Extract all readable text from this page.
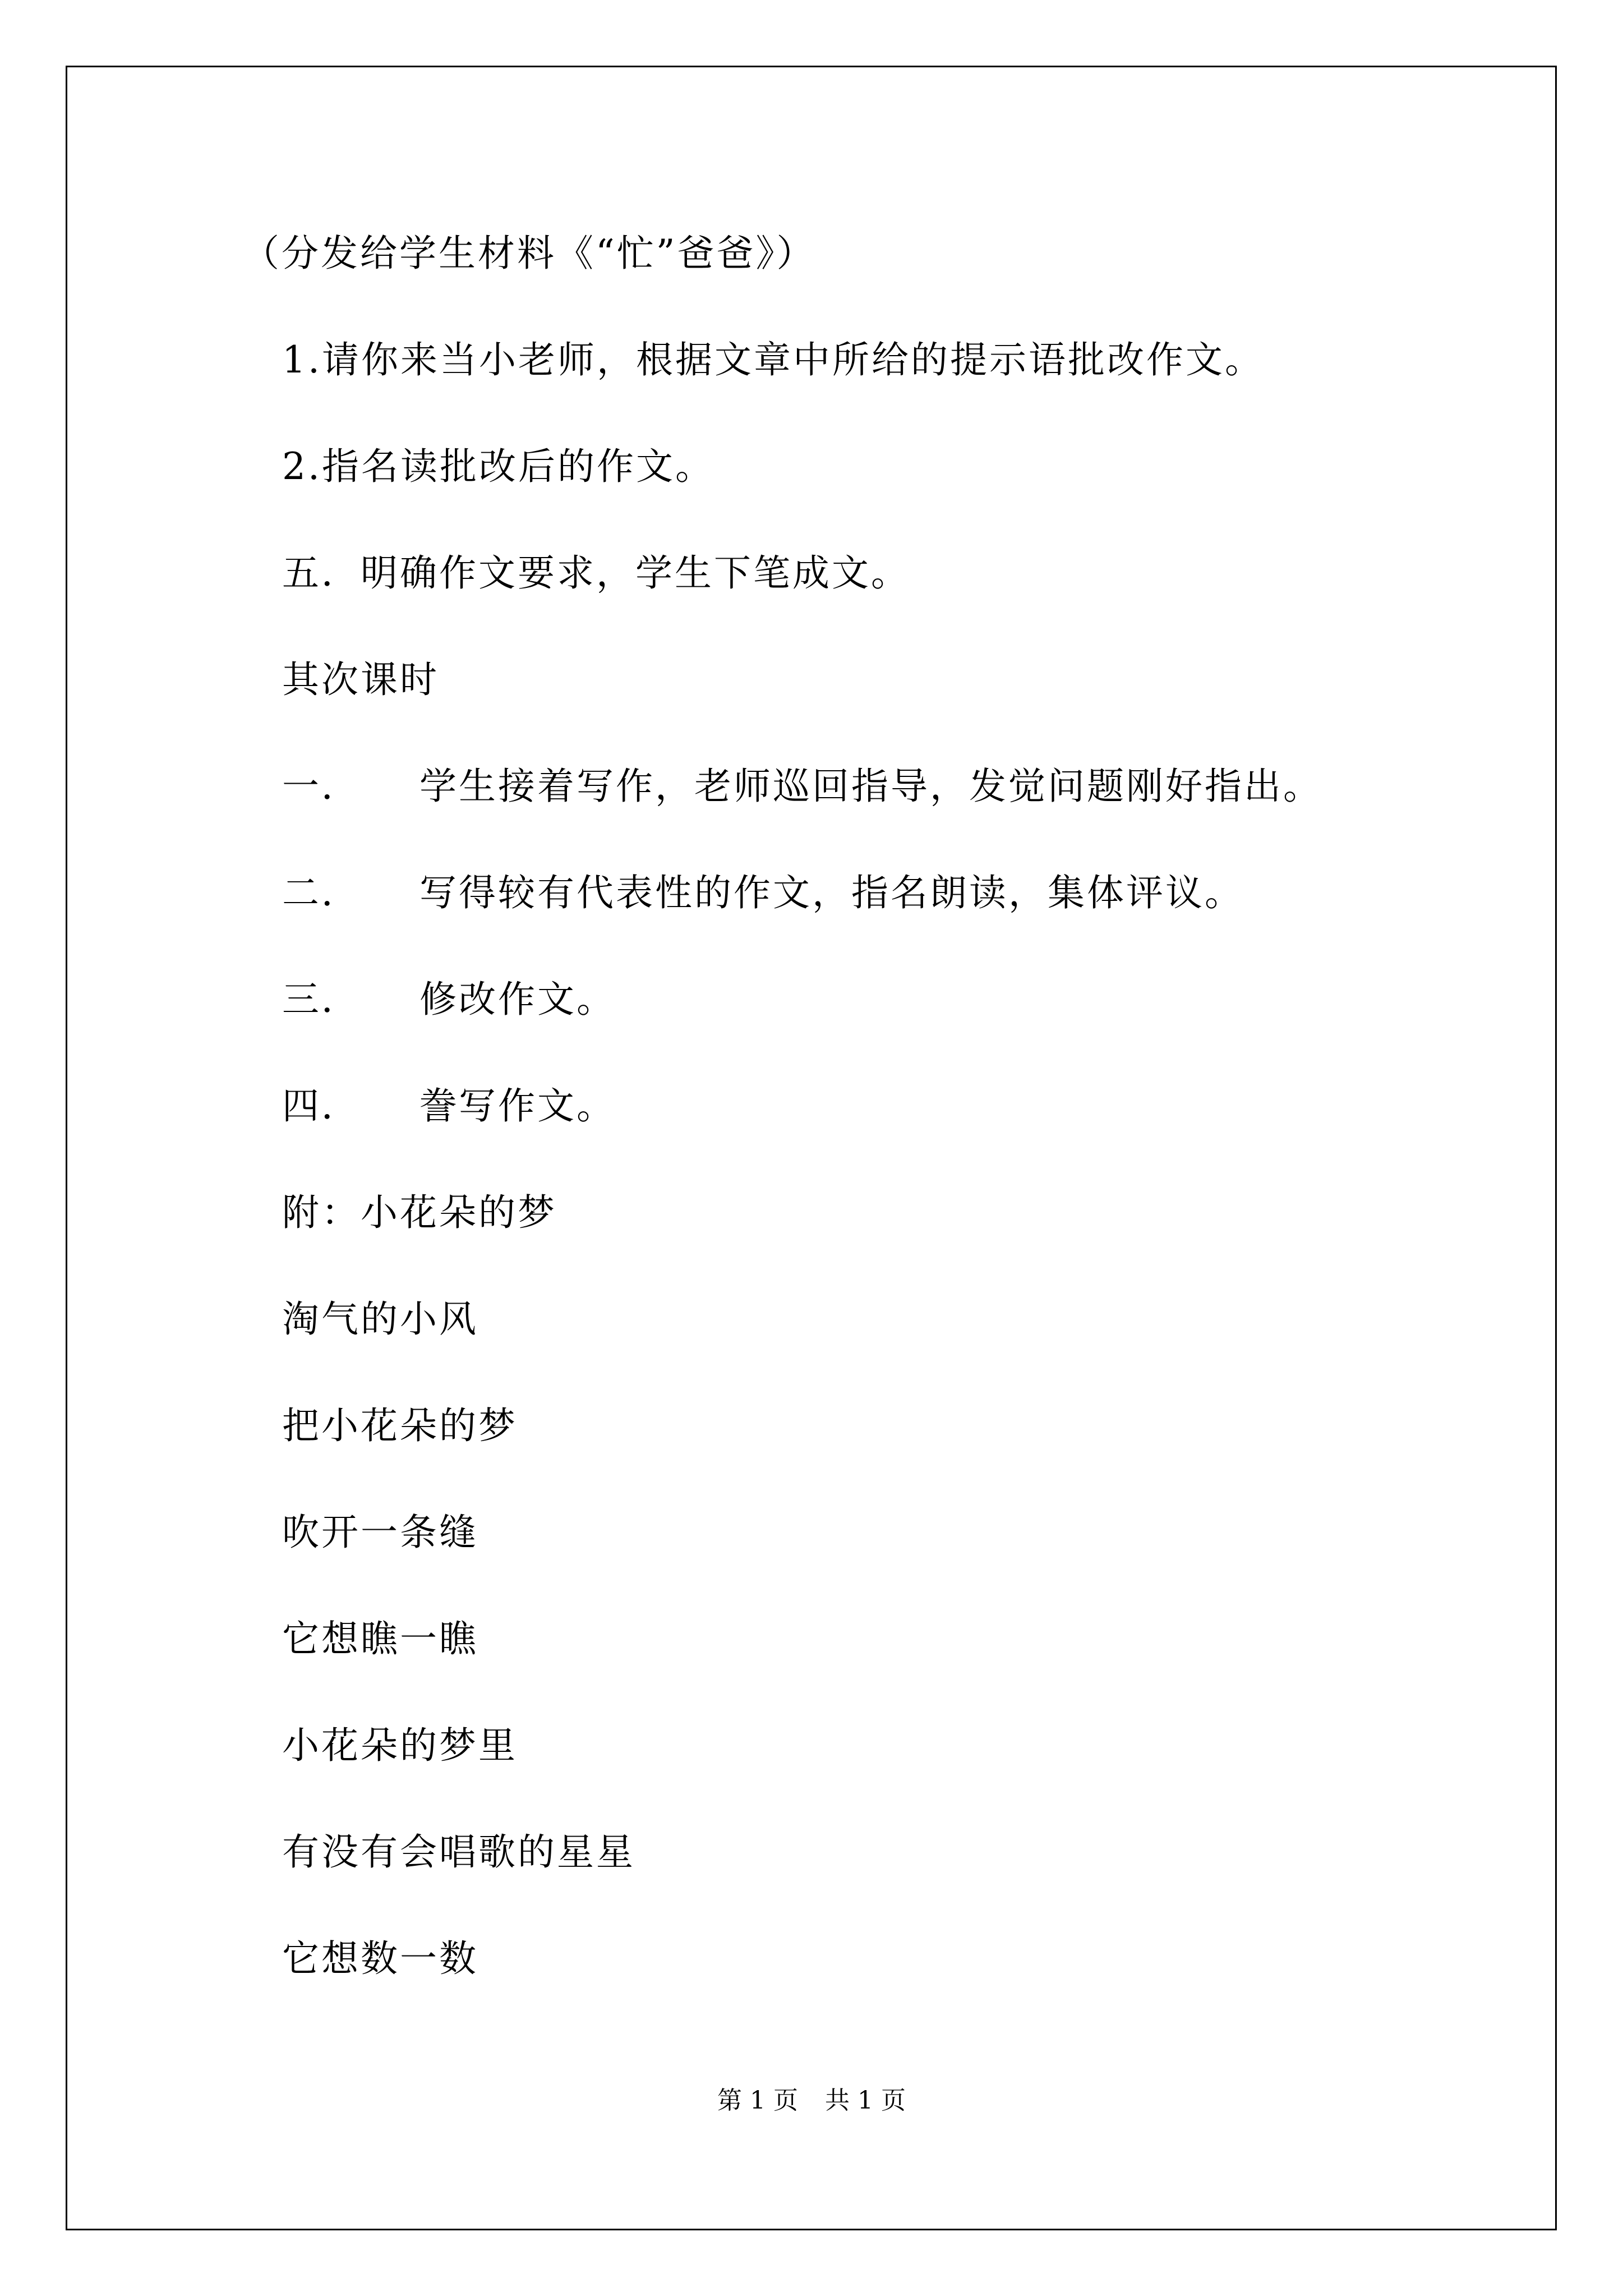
（分发给学生材料《“忙”爸爸》）

1.请你来当小老师，根据文章中所给的提示语批改作文。

2.指名读批改后的作文。

五．明确作文要求，学生下笔成文。

其次课时

一． 学生接着写作，老师巡回指导，发觉问题刚好指出。

二． 写得较有代表性的作文，指名朗读，集体评议。

三． 修改作文。

四． 誊写作文。

附：小花朵的梦

淘气的小风

把小花朵的梦

吹开一条缝

它想瞧一瞧

小花朵的梦里

有没有会唱歌的星星

它想数一数

第 1 页 共 1 页
